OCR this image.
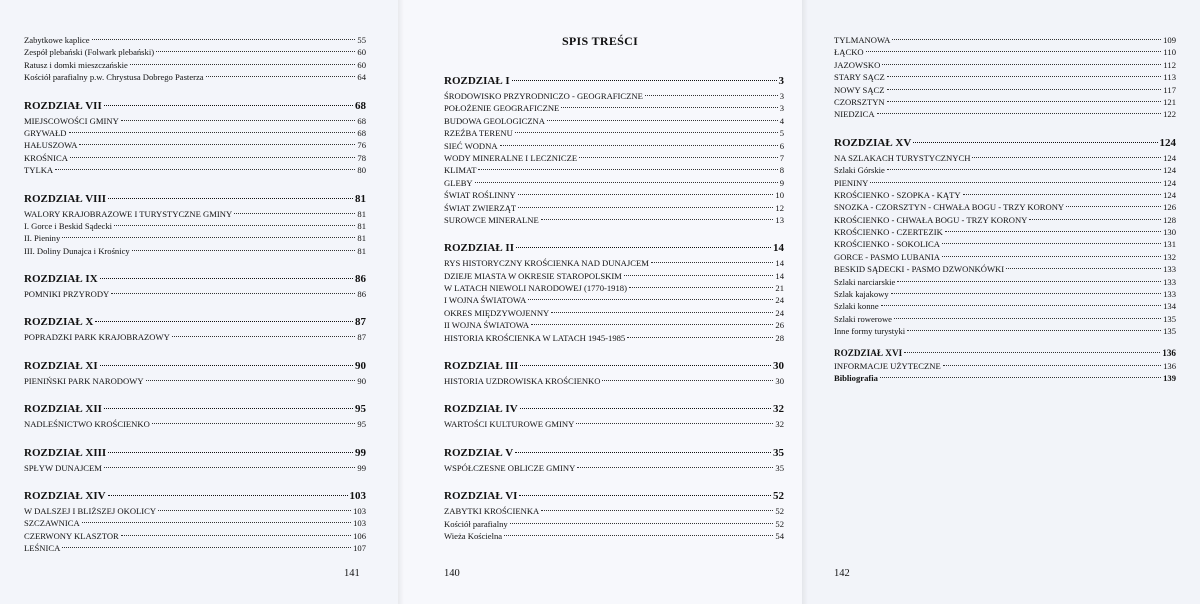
SPIS TREŚCI
Zabytkowe kaplice	55
Zespół plebański (Folwark plebański)	60
Ratusz i domki mieszczańskie	60
Kościół parafialny p.w. Chrystusa Dobrego Pasterza	64
ROZDZIAŁ VII	68
MIEJSCOWOŚCI GMINY	68
GRYWAŁD	68
HAŁUSZOWA	76
KROŚNICA	78
TYLKA	80
ROZDZIAŁ VIII	81
WALORY KRAJOBRAZOWE I TURYSTYCZNE GMINY	81
I. Gorce i Beskid Sądecki	81
II. Pieniny	81
III. Doliny Dunajca i Krośnicy	81
ROZDZIAŁ IX	86
POMNIKI PRZYRODY	86
ROZDZIAŁ X	87
POPRADZKI PARK KRAJOBRAZOWY	87
ROZDZIAŁ XI	90
PIENIŃSKI PARK NARODOWY	90
ROZDZIAŁ XII	95
NADLEŚNICTWO KROŚCIENKO	95
ROZDZIAŁ XIII	99
SPŁYW DUNAJCEM	99
ROZDZIAŁ XIV	103
W DALSZEJ I BLIŻSZEJ OKOLICY	103
SZCZAWNICA	103
CZERWONY KLASZTOR	106
LEŚNICA	107
ROZDZIAŁ I	3
ŚRODOWISKO PRZYRODNICZO - GEOGRAFICZNE	3
POŁOŻENIE GEOGRAFICZNE	3
BUDOWA GEOLOGICZNA	4
RZEŹBA TERENU	5
SIEĆ WODNA	6
WODY MINERALNE I LECZNICZE	7
KLIMAT	8
GLEBY	9
ŚWIAT ROŚLINNY	10
ŚWIAT ZWIERZĄT	12
SUROWCE MINERALNE	13
ROZDZIAŁ II	14
RYS HISTORYCZNY KROŚCIENKA NAD DUNAJCEM	14
DZIEJE MIASTA W OKRESIE STAROPOLSKIM	14
W LATACH NIEWOLI NARODOWEJ (1770-1918)	21
I WOJNA ŚWIATOWA	24
OKRES MIĘDZYWOJENNY	24
II WOJNA ŚWIATOWA	26
HISTORIA KROŚCIENKA W LATACH 1945-1985	28
ROZDZIAŁ III	30
HISTORIA UZDROWISKA KROŚCIENKO	30
ROZDZIAŁ IV	32
WARTOŚCI KULTUROWE GMINY	32
ROZDZIAŁ V	35
WSPÓŁCZESNE OBLICZE GMINY	35
ROZDZIAŁ VI	52
ZABYTKI KROŚCIENKA	52
Kościół parafialny	52
Wieża Kościelna	54
TYLMANOWA	109
ŁĄCKO	110
JAZOWSKO	112
STARY SĄCZ	113
NOWY SĄCZ	117
CZORSZTYN	121
NIEDZICA	122
ROZDZIAŁ XV	124
NA SZLAKACH TURYSTYCZNYCH	124
Szlaki Górskie	124
PIENINY	124
KROŚCIENKO - SZOPKA - KĄTY	124
SNOZKA - CZORSZTYN - CHWAŁA BOGU - TRZY KORONY	126
KROŚCIENKO - CHWAŁA BOGU - TRZY KORONY	128
KROŚCIENKO - CZERTEZIK	130
KROŚCIENKO - SOKOLICA	131
GORCE - PASMO LUBANIA	132
BESKID SĄDECKI - PASMO DZWONKÓWKI	133
Szlaki narciarskie	133
Szlak kajakowy	133
Szlaki konne	134
Szlaki rowerowe	135
Inne formy turystyki	135
ROZDZIAŁ XVI	136
INFORMACJE UŻYTECZNE	136
Bibliografia	139
141	140	142
